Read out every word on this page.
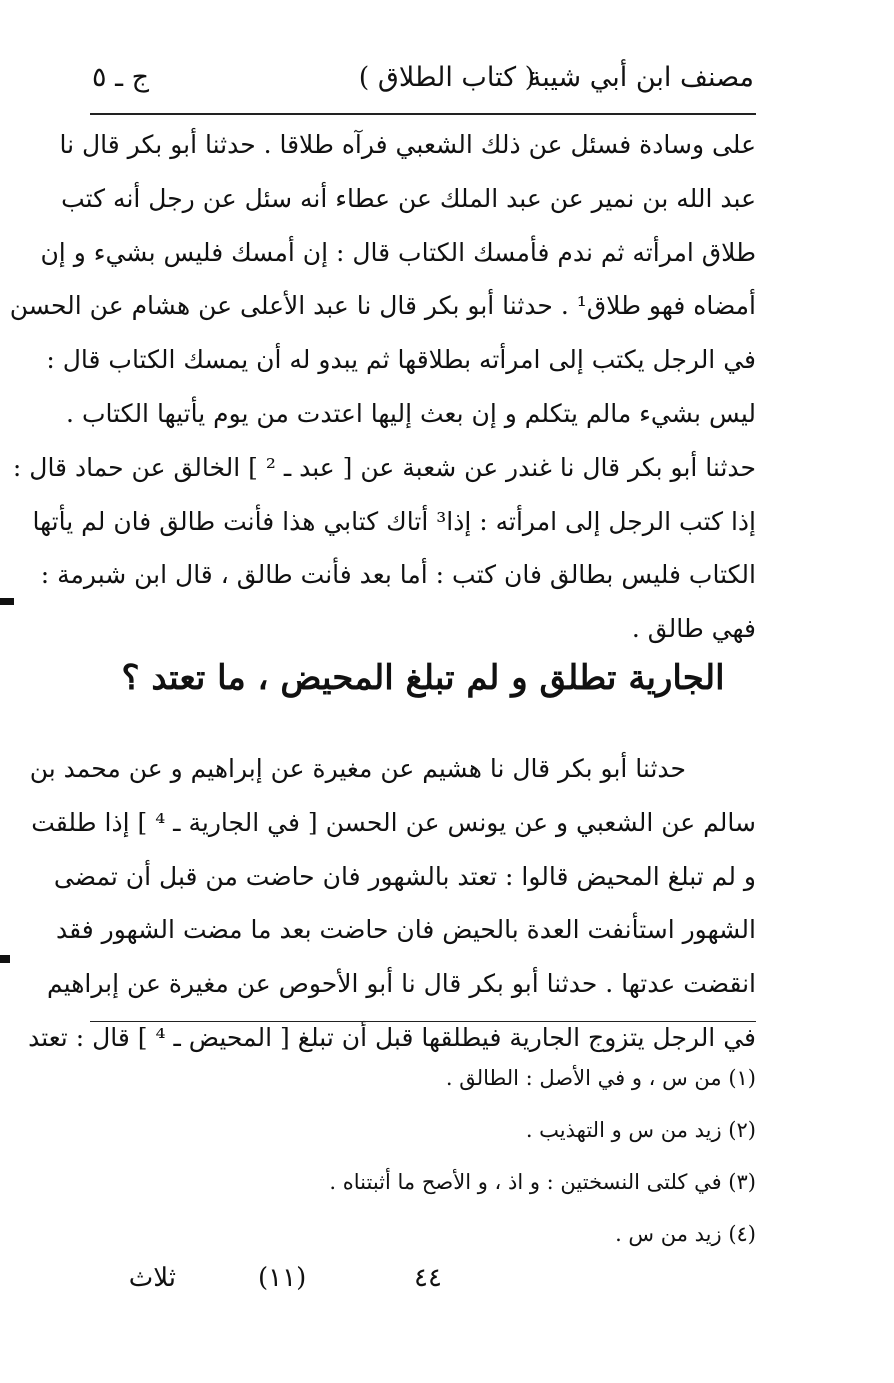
مصنف ابن أبي شيبة
( كتاب الطلاق )
ج ـ ٥
على وسادة فسئل عن ذلك الشعبي فرآه طلاقا . حدثنا أبو بكر قال نا
عبد الله بن نمير عن عبد الملك عن عطاء أنه سئل عن رجل أنه كتب
طلاق امرأته ثم ندم فأمسك الكتاب قال : إن أمسك فليس بشيء و إن
أمضاه فهو طلاق¹ . حدثنا أبو بكر قال نا عبد الأعلى عن هشام عن الحسن
في الرجل يكتب إلى امرأته بطلاقها ثم يبدو له أن يمسك الكتاب قال :
ليس بشيء مالم يتكلم و إن بعث إليها اعتدت من يوم يأتيها الكتاب .
حدثنا أبو بكر قال نا غندر عن شعبة عن [ عبد ـ ² ] الخالق عن حماد قال :
إذا كتب الرجل إلى امرأته : إذا³ أتاك كتابي هذا فأنت طالق فان لم يأتها
الكتاب فليس بطالق فان كتب : أما بعد فأنت طالق ، قال ابن شبرمة :
فهي طالق .
الجارية تطلق و لم تبلغ المحيض ، ما تعتد ؟
حدثنا أبو بكر قال نا هشيم عن مغيرة عن إبراهيم و عن محمد بن
سالم عن الشعبي و عن يونس عن الحسن [ في الجارية ـ ⁴ ] إذا طلقت
و لم تبلغ المحيض قالوا : تعتد بالشهور فان حاضت من قبل أن تمضى
الشهور استأنفت العدة بالحيض فان حاضت بعد ما مضت الشهور فقد
انقضت عدتها . حدثنا أبو بكر قال نا أبو الأحوص عن مغيرة عن إبراهيم
في الرجل يتزوج الجارية فيطلقها قبل أن تبلغ [ المحيض ـ ⁴ ] قال : تعتد
(١) من س ، و في الأصل : الطالق .
(٢) زيد من س و التهذيب .
(٣) في كلتى النسختين : و اذ ، و الأصح ما أثبتناه .
(٤) زيد من س .
٤٤
(١١)
ثلاث
